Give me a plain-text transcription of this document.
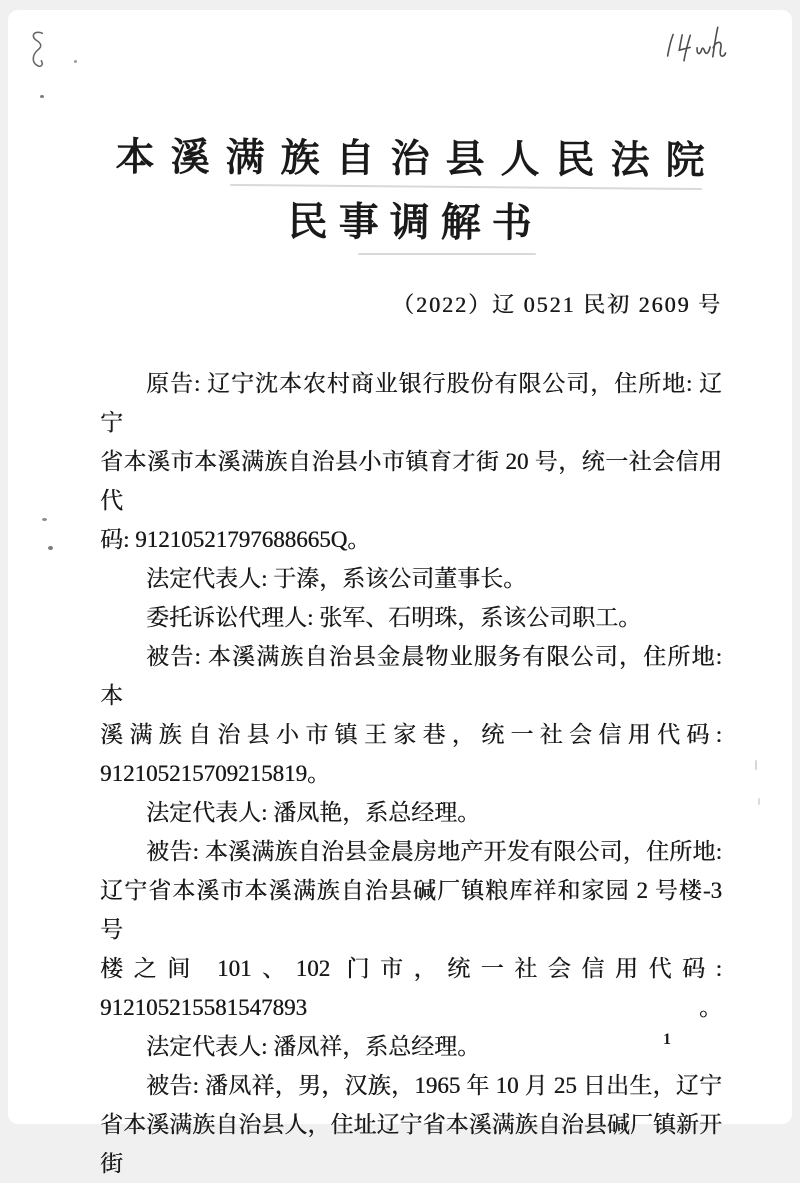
本溪满族自治县人民法院
民事调解书
（2022）辽 0521 民初 2609 号
原告: 辽宁沈本农村商业银行股份有限公司，住所地: 辽宁
省本溪市本溪满族自治县小市镇育才街 20 号，统一社会信用代
码: 91210521797688665Q。
法定代表人: 于溱，系该公司董事长。
委托诉讼代理人: 张军、石明珠，系该公司职工。
被告: 本溪满族自治县金晨物业服务有限公司，住所地: 本
溪满族自治县小市镇王家巷，统一社会信用代码:
912105215709215819。
法定代表人: 潘凤艳，系总经理。
被告: 本溪满族自治县金晨房地产开发有限公司，住所地:
辽宁省本溪市本溪满族自治县碱厂镇粮库祥和家园 2 号楼-3 号
楼之间 101、102 门市，统一社会信用代码: 912105215581547893。
法定代表人: 潘凤祥，系总经理。
被告: 潘凤祥，男，汉族，1965 年 10 月 25 日出生，辽宁
省本溪满族自治县人，住址辽宁省本溪满族自治县碱厂镇新开街
1
